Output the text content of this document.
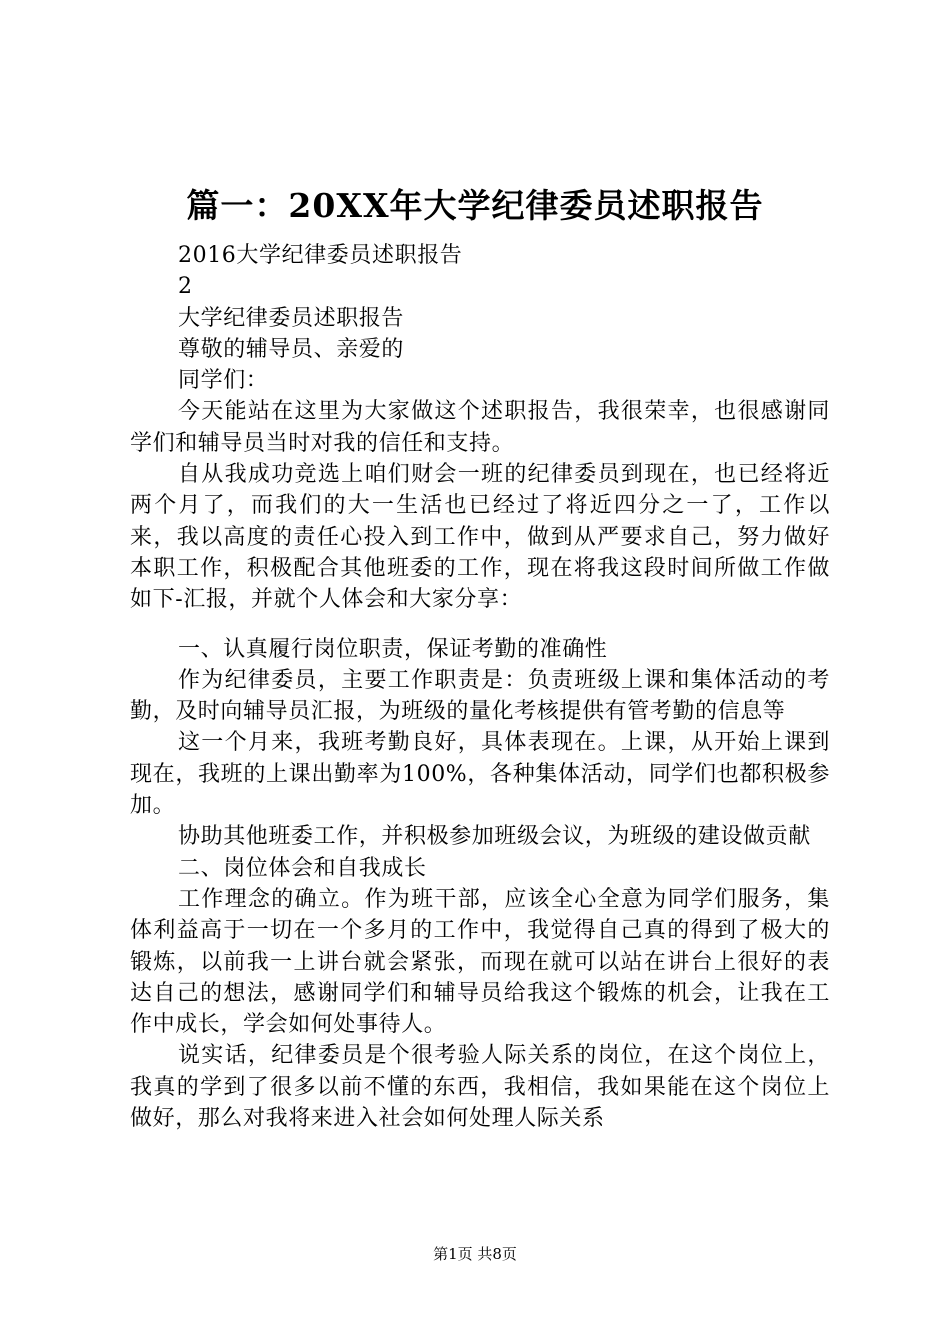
篇一：20XX年大学纪律委员述职报告

2016大学纪律委员述职报告

2

大学纪律委员述职报告

尊敬的辅导员、亲爱的

同学们：

今天能站在这里为大家做这个述职报告，我很荣幸，也很感谢同学们和辅导员当时对我的信任和支持。

自从我成功竞选上咱们财会一班的纪律委员到现在，也已经将近两个月了，而我们的大一生活也已经过了将近四分之一了，工作以来，我以高度的责任心投入到工作中，做到从严要求自己，努力做好本职工作，积极配合其他班委的工作，现在将我这段时间所做工作做如下-汇报，并就个人体会和大家分享：

一、认真履行岗位职责，保证考勤的准确性

作为纪律委员，主要工作职责是：负责班级上课和集体活动的考勤，及时向辅导员汇报，为班级的量化考核提供有管考勤的信息等

这一个月来，我班考勤良好，具体表现在。上课，从开始上课到现在，我班的上课出勤率为100%，各种集体活动，同学们也都积极参加。

协助其他班委工作，并积极参加班级会议，为班级的建设做贡献

二、岗位体会和自我成长

工作理念的确立。作为班干部，应该全心全意为同学们服务，集体利益高于一切在一个多月的工作中，我觉得自己真的得到了极大的锻炼，以前我一上讲台就会紧张，而现在就可以站在讲台上很好的表达自己的想法，感谢同学们和辅导员给我这个锻炼的机会，让我在工作中成长，学会如何处事待人。

说实话，纪律委员是个很考验人际关系的岗位，在这个岗位上，我真的学到了很多以前不懂的东西，我相信，我如果能在这个岗位上做好，那么对我将来进入社会如何处理人际关系

第1页 共8页
